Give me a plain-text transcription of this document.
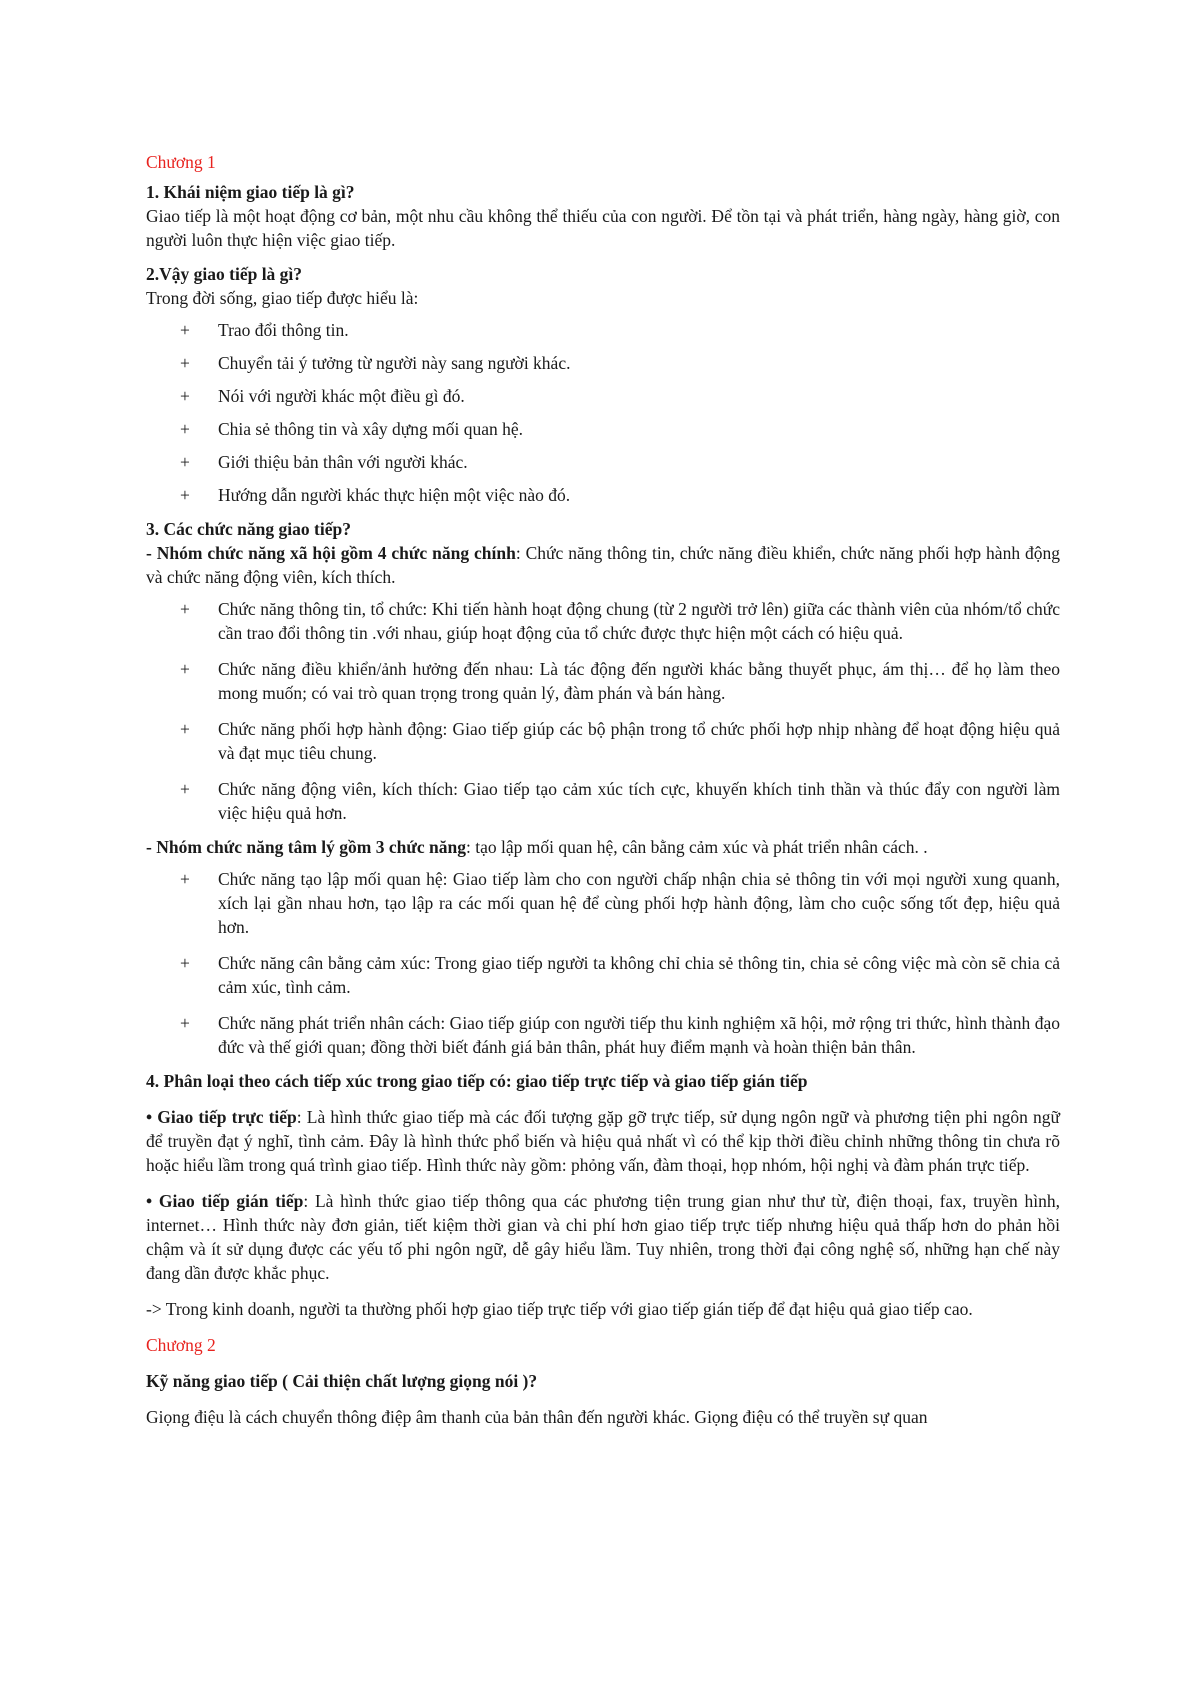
Chương 1

1. Khái niệm giao tiếp là gì?

Giao tiếp là một hoạt động cơ bản, một nhu cầu không thể thiếu của con người. Để tồn tại và phát triển, hàng ngày, hàng giờ, con người luôn thực hiện việc giao tiếp.

2.Vậy giao tiếp là gì?

Trong đời sống, giao tiếp được hiểu là:

+ Trao đổi thông tin.
+ Chuyển tải ý tưởng từ người này sang người khác.
+ Nói với người khác một điều gì đó.
+ Chia sẻ thông tin và xây dựng mối quan hệ.
+ Giới thiệu bản thân với người khác.
+ Hướng dẫn người khác thực hiện một việc nào đó.

3. Các chức năng giao tiếp?

- Nhóm chức năng xã hội gồm 4 chức năng chính: Chức năng thông tin, chức năng điều khiển, chức năng phối hợp hành động và chức năng động viên, kích thích.

+ Chức năng thông tin, tổ chức: Khi tiến hành hoạt động chung (từ 2 người trở lên) giữa các thành viên của nhóm/tổ chức cần trao đổi thông tin .với nhau, giúp hoạt động của tổ chức được thực hiện một cách có hiệu quả.
+ Chức năng điều khiển/ảnh hưởng đến nhau: Là tác động đến người khác bằng thuyết phục, ám thị… để họ làm theo mong muốn; có vai trò quan trọng trong quản lý, đàm phán và bán hàng.
+ Chức năng phối hợp hành động: Giao tiếp giúp các bộ phận trong tổ chức phối hợp nhịp nhàng để hoạt động hiệu quả và đạt mục tiêu chung.
+ Chức năng động viên, kích thích: Giao tiếp tạo cảm xúc tích cực, khuyến khích tinh thần và thúc đẩy con người làm việc hiệu quả hơn.

- Nhóm chức năng tâm lý gồm 3 chức năng: tạo lập mối quan hệ, cân bằng cảm xúc và phát triển nhân cách. .

+ Chức năng tạo lập mối quan hệ: Giao tiếp làm cho con người chấp nhận chia sẻ thông tin với mọi người xung quanh, xích lại gần nhau hơn, tạo lập ra các mối quan hệ để cùng phối hợp hành động, làm cho cuộc sống tốt đẹp, hiệu quả hơn.
+ Chức năng cân bằng cảm xúc: Trong giao tiếp người ta không chỉ chia sẻ thông tin, chia sẻ công việc mà còn sẽ chia cả cảm xúc, tình cảm.
+ Chức năng phát triển nhân cách: Giao tiếp giúp con người tiếp thu kinh nghiệm xã hội, mở rộng tri thức, hình thành đạo đức và thế giới quan; đồng thời biết đánh giá bản thân, phát huy điểm mạnh và hoàn thiện bản thân.

4. Phân loại theo cách tiếp xúc trong giao tiếp có: giao tiếp trực tiếp và giao tiếp gián tiếp

• Giao tiếp trực tiếp: Là hình thức giao tiếp mà các đối tượng gặp gỡ trực tiếp, sử dụng ngôn ngữ và phương tiện phi ngôn ngữ để truyền đạt ý nghĩ, tình cảm. Đây là hình thức phổ biến và hiệu quả nhất vì có thể kịp thời điều chỉnh những thông tin chưa rõ hoặc hiểu lầm trong quá trình giao tiếp. Hình thức này gồm: phỏng vấn, đàm thoại, họp nhóm, hội nghị và đàm phán trực tiếp.

• Giao tiếp gián tiếp: Là hình thức giao tiếp thông qua các phương tiện trung gian như thư từ, điện thoại, fax, truyền hình, internet… Hình thức này đơn giản, tiết kiệm thời gian và chi phí hơn giao tiếp trực tiếp nhưng hiệu quả thấp hơn do phản hồi chậm và ít sử dụng được các yếu tố phi ngôn ngữ, dễ gây hiểu lầm. Tuy nhiên, trong thời đại công nghệ số, những hạn chế này đang dần được khắc phục.

-> Trong kinh doanh, người ta thường phối hợp giao tiếp trực tiếp với giao tiếp gián tiếp để đạt hiệu quả giao tiếp cao.

Chương 2

Kỹ năng giao tiếp ( Cải thiện chất lượng giọng nói )?

Giọng điệu là cách chuyển thông điệp âm thanh của bản thân đến người khác. Giọng điệu có thể truyền sự quan
